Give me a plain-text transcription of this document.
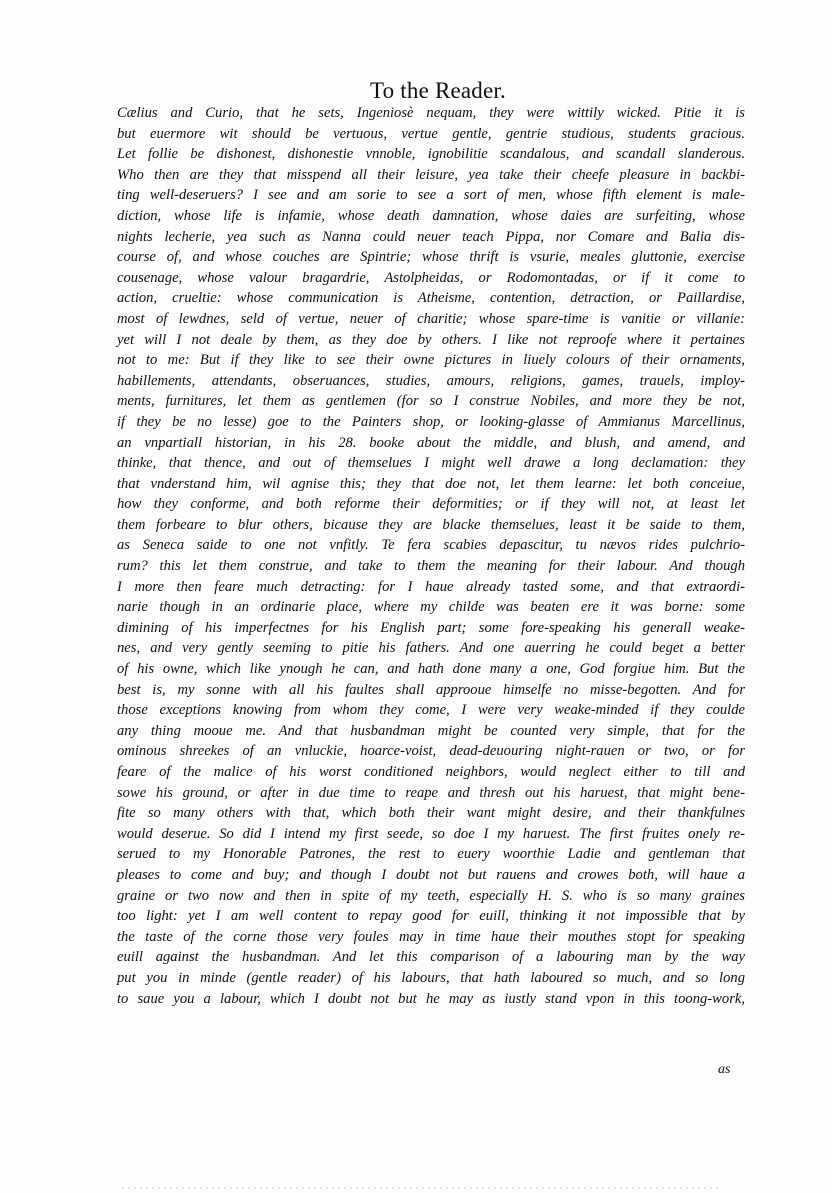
To the Reader.
Cælius and Curio, that he sets, Ingeniosè nequam, they were wittily wicked. Pitie it is
but euermore wit should be vertuous, vertue gentle, gentrie studious, students gracious.
Let follie be dishonest, dishonestie vnnoble, ignobilitie scandalous, and scandall slanderous.
Who then are they that misspend all their leisure, yea take their cheefe pleasure in backbi-
ting well-deseruers? I see and am sorie to see a sort of men, whose fifth element is male-
diction, whose life is infamie, whose death damnation, whose daies are surfeiting, whose
nights lecherie, yea such as Nanna could neuer teach Pippa, nor Comare and Balia dis-
course of, and whose couches are Spintrie; whose thrift is vsurie, meales gluttonie, exercise
cousenage, whose valour bragardrie, Astolpheidas, or Rodomontadas, or if it come to
action, crueltie: whose communication is Atheisme, contention, detraction, or Paillardise,
most of lewdnes, seld of vertue, neuer of charitie; whose spare-time is vanitie or villanie:
yet will I not deale by them, as they doe by others. I like not reproofe where it pertaines
not to me: But if they like to see their owne pictures in liuely colours of their ornaments,
habillements, attendants, obseruances, studies, amours, religions, games, trauels, imploy-
ments, furnitures, let them as gentlemen (for so I construe Nobiles, and more they be not,
if they be no lesse) goe to the Painters shop, or looking-glasse of Ammianus Marcellinus,
an vnpartiall historian, in his 28. booke about the middle, and blush, and amend, and
thinke, that thence, and out of themselues I might well drawe a long declamation: they
that vnderstand him, wil agnise this; they that doe not, let them learne: let both conceiue,
how they conforme, and both reforme their deformities; or if they will not, at least let
them forbeare to blur others, bicause they are blacke themselues, least it be saide to them,
as Seneca saide to one not vnfitly. Te fera scabies depascitur, tu nævos rides pulchrio-
rum? this let them construe, and take to them the meaning for their labour. And though
I more then feare much detracting: for I haue already tasted some, and that extraordi-
narie though in an ordinarie place, where my childe was beaten ere it was borne: some
dimining of his imperfectnes for his English part; some fore-speaking his generall weake-
nes, and very gently seeming to pitie his fathers. And one auerring he could beget a better
of his owne, which like ynough he can, and hath done many a one, God forgiue him. But the
best is, my sonne with all his faultes shall approoue himselfe no misse-begotten. And for
those exceptions knowing from whom they come, I were very weake-minded if they coulde
any thing mooue me. And that husbandman might be counted very simple, that for the
ominous shreekes of an vnluckie, hoarce-voist, dead-deuouring night-rauen or two, or for
feare of the malice of his worst conditioned neighbors, would neglect either to till and
sowe his ground, or after in due time to reape and thresh out his haruest, that might bene-
fite so many others with that, which both their want might desire, and their thankfulnes
would deserue. So did I intend my first seede, so doe I my haruest. The first fruites onely re-
serued to my Honorable Patrones, the rest to euery woorthie Ladie and gentleman that
pleases to come and buy; and though I doubt not but rauens and crowes both, will haue a
graine or two now and then in spite of my teeth, especially H. S. who is so many graines
too light: yet I am well content to repay good for euill, thinking it not impossible that by
the taste of the corne those very foules may in time haue their mouthes stopt for speaking
euill against the husbandman. And let this comparison of a labouring man by the way
put you in minde (gentle reader) of his labours, that hath laboured so much, and so long
to saue you a labour, which I doubt not but he may as iustly stand vpon in this toong-work,
as
